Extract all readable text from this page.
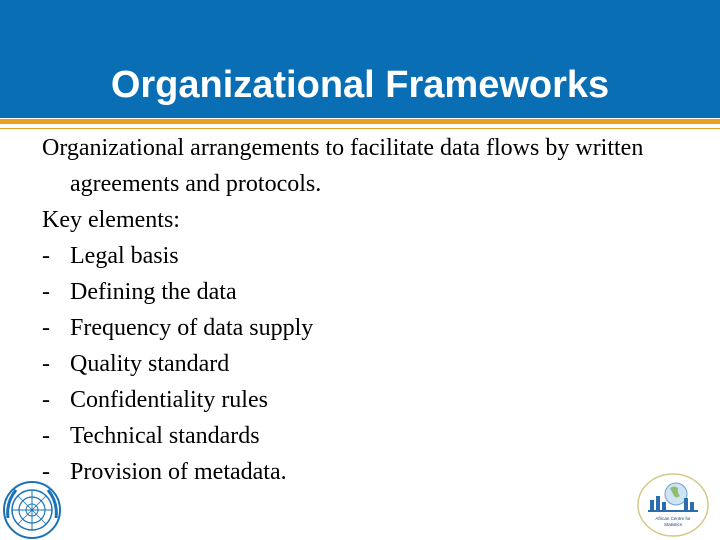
Organizational Frameworks

Organizational arrangements to facilitate data flows by written agreements and protocols.

Key elements:

- Legal basis
- Defining the data
- Frequency of data supply
- Quality standard
- Confidentiality rules
- Technical standards
- Provision of metadata.
African Centre for
Statistics
